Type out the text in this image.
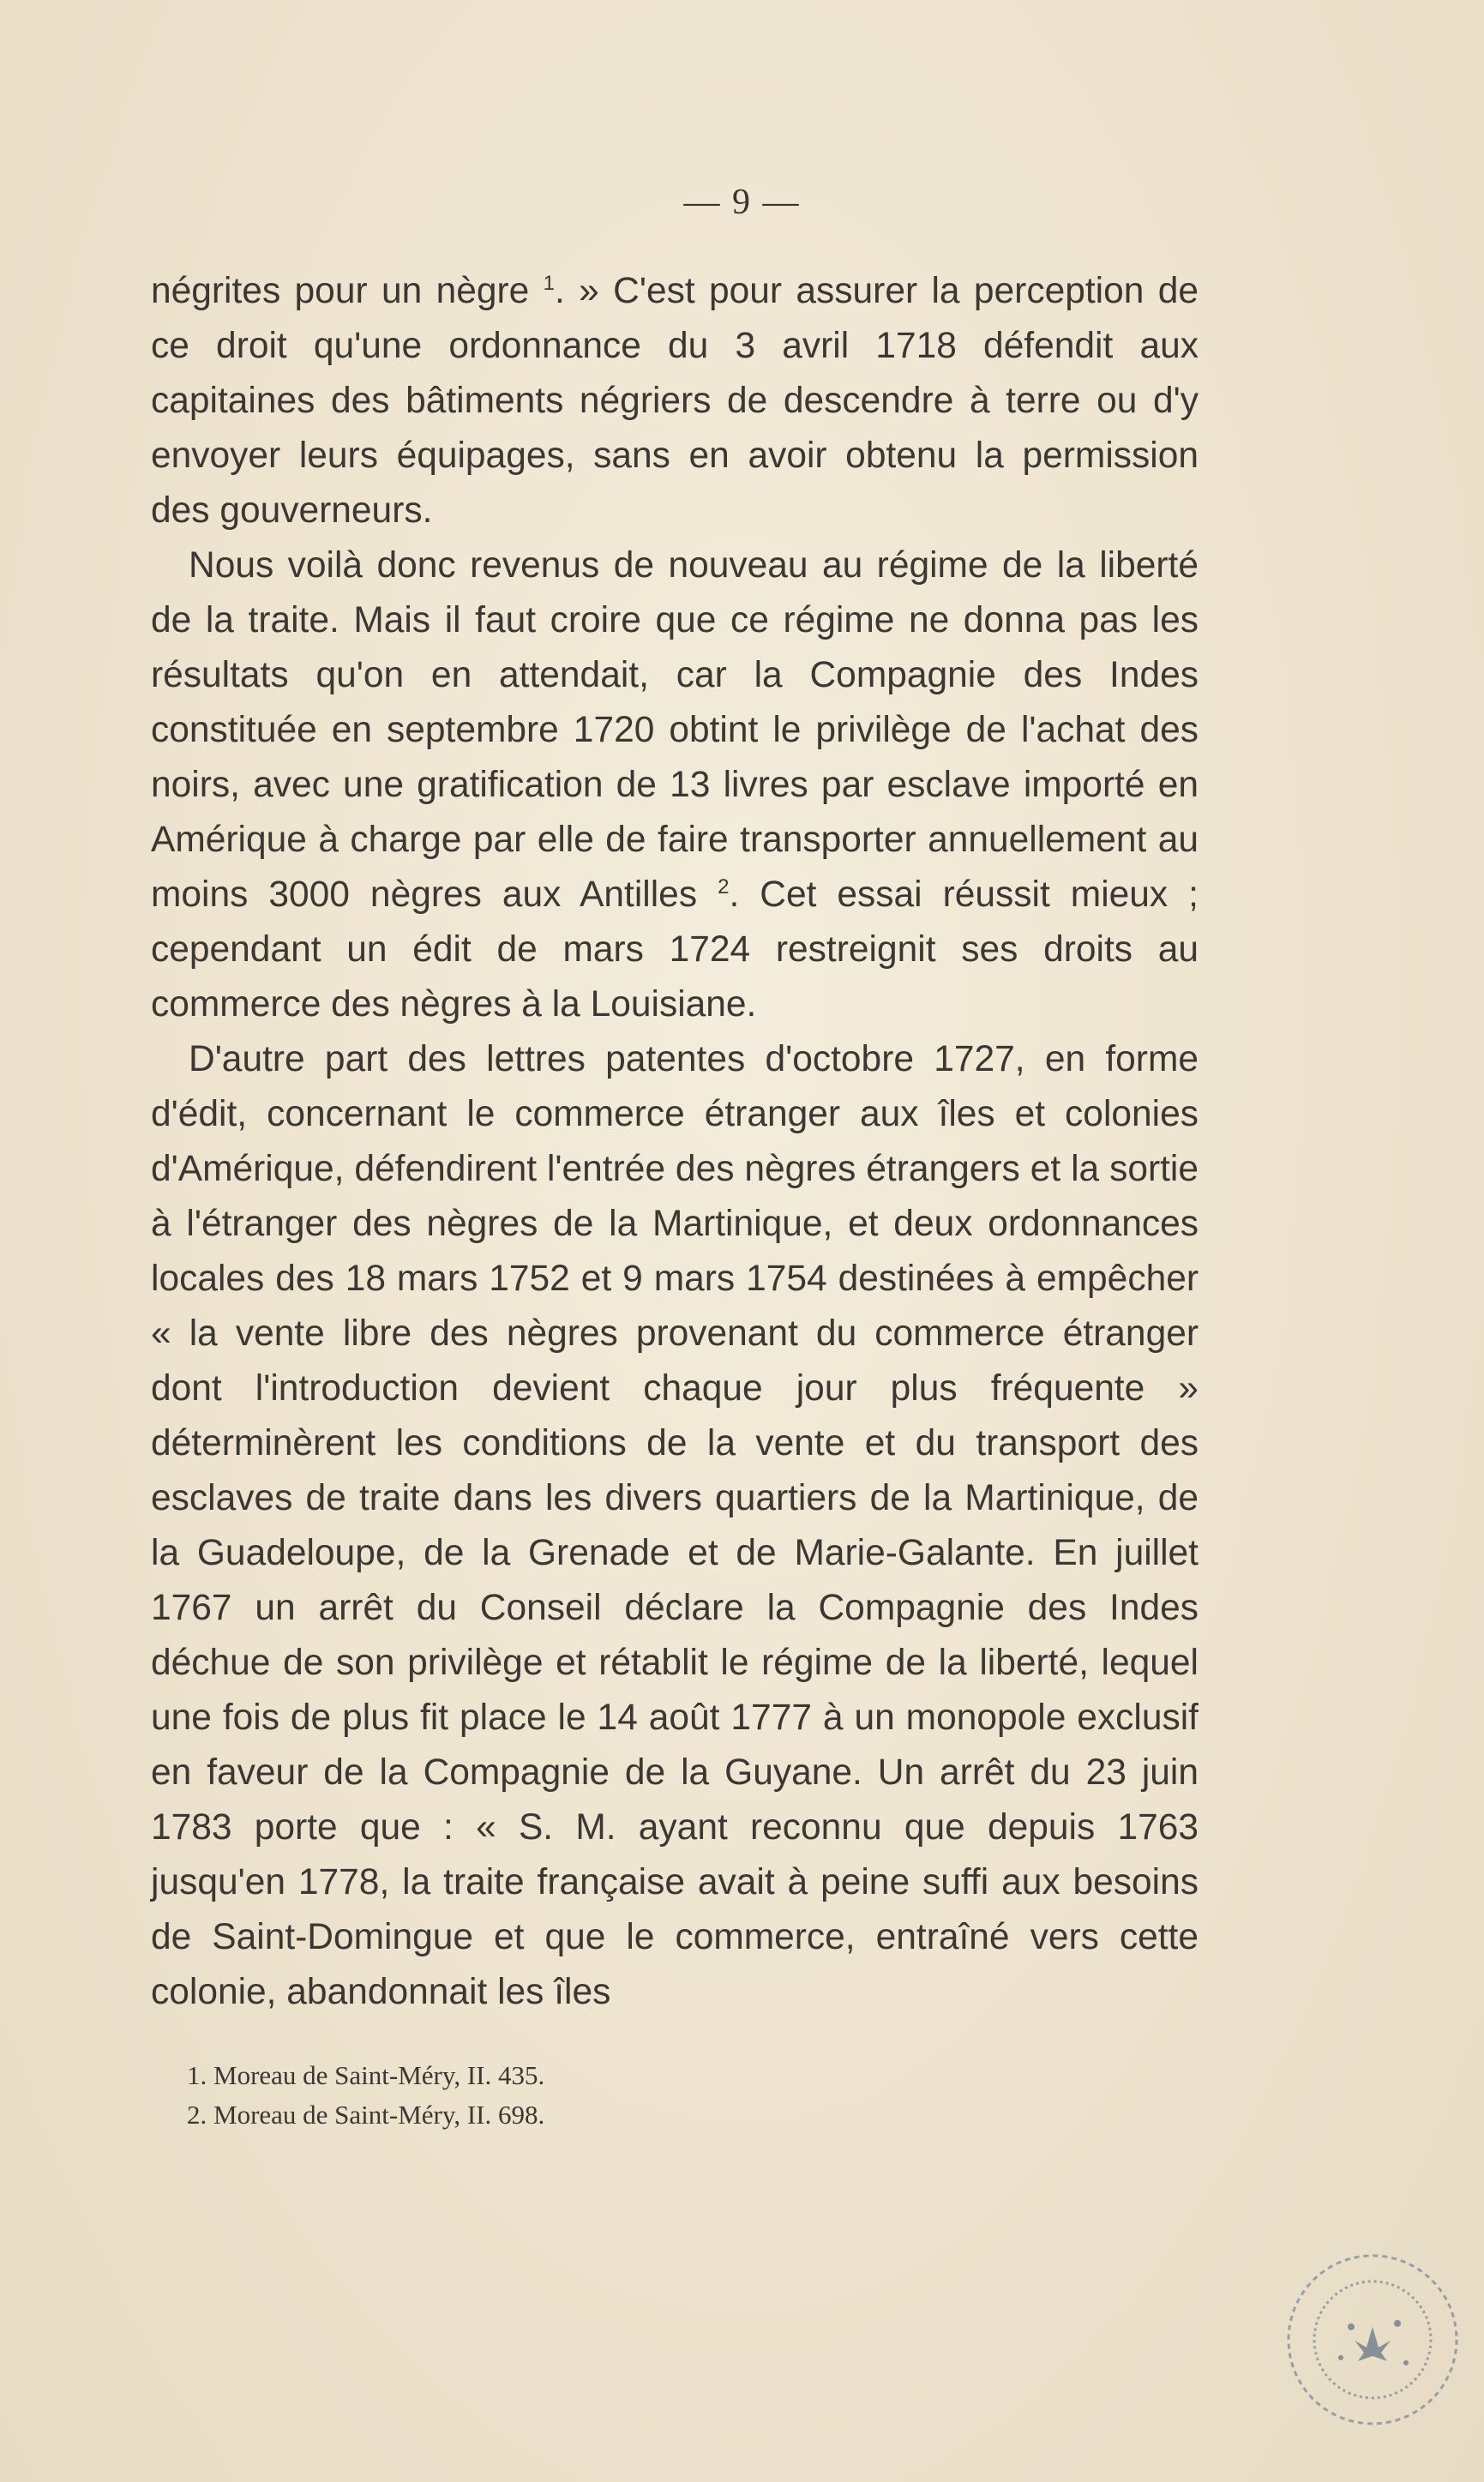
— 9 —

négrites pour un nègre $^1$. » C'est pour assurer la perception de ce droit qu'une ordonnance du 3 avril 1718 défendit aux capitaines des bâtiments négriers de descendre à terre ou d'y envoyer leurs équipages, sans en avoir obtenu la permission des gouverneurs.

Nous voilà donc revenus de nouveau au régime de la liberté de la traite. Mais il faut croire que ce régime ne donna pas les résultats qu'on en attendait, car la Compagnie des Indes constituée en septembre 1720 obtint le privilège de l'achat des noirs, avec une gratification de 13 livres par esclave importé en Amérique à charge par elle de faire transporter annuellement au moins 3000 nègres aux Antilles $^2$. Cet essai réussit mieux ; cependant un édit de mars 1724 restreignit ses droits au commerce des nègres à la Louisiane.

D'autre part des lettres patentes d'octobre 1727, en forme d'édit, concernant le commerce étranger aux îles et colonies d'Amérique, défendirent l'entrée des nègres étrangers et la sortie à l'étranger des nègres de la Martinique, et deux ordonnances locales des 18 mars 1752 et 9 mars 1754 destinées à empêcher « la vente libre des nègres provenant du commerce étranger dont l'introduction devient chaque jour plus fréquente » déterminèrent les conditions de la vente et du transport des esclaves de traite dans les divers quartiers de la Martinique, de la Guadeloupe, de la Grenade et de Marie-Galante. En juillet 1767 un arrêt du Conseil déclare la Compagnie des Indes déchue de son privilège et rétablit le régime de la liberté, lequel une fois de plus fit place le 14 août 1777 à un monopole exclusif en faveur de la Compagnie de la Guyane. Un arrêt du 23 juin 1783 porte que : « S. M. ayant reconnu que depuis 1763 jusqu'en 1778, la traite française avait à peine suffi aux besoins de Saint-Domingue et que le commerce, entraîné vers cette colonie, abandonnait les îles

1. Moreau de Saint-Méry, II. 435.
2. Moreau de Saint-Méry, II. 698.
